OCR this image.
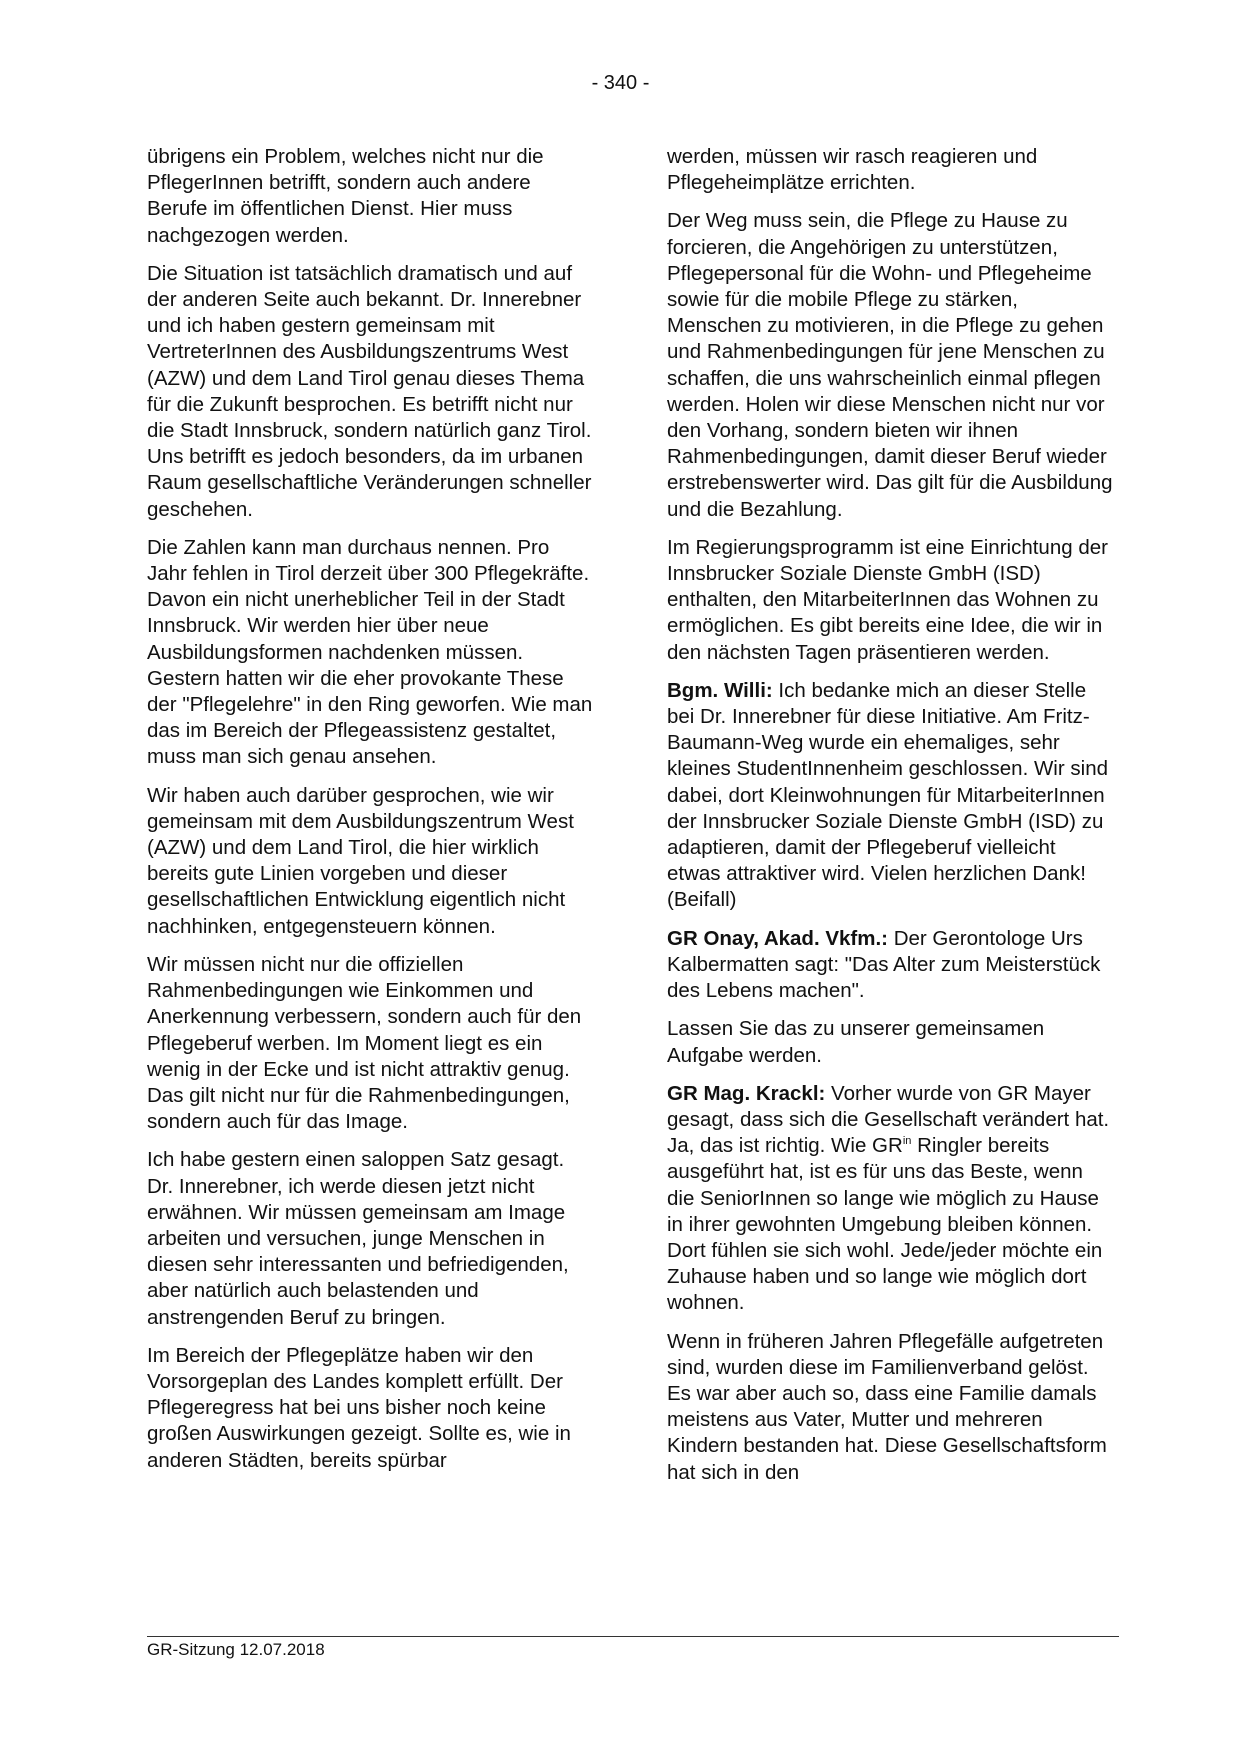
- 340 -

übrigens ein Problem, welches nicht nur die PflegerInnen betrifft, sondern auch andere Berufe im öffentlichen Dienst. Hier muss nachgezogen werden.

Die Situation ist tatsächlich dramatisch und auf der anderen Seite auch bekannt. Dr. Innerebner und ich haben gestern gemeinsam mit VertreterInnen des Ausbildungszentrums West (AZW) und dem Land Tirol genau dieses Thema für die Zukunft besprochen. Es betrifft nicht nur die Stadt Innsbruck, sondern natürlich ganz Tirol. Uns betrifft es jedoch besonders, da im urbanen Raum gesellschaftliche Veränderungen schneller geschehen.

Die Zahlen kann man durchaus nennen. Pro Jahr fehlen in Tirol derzeit über 300 Pflegekräfte. Davon ein nicht unerheblicher Teil in der Stadt Innsbruck. Wir werden hier über neue Ausbildungsformen nachdenken müssen. Gestern hatten wir die eher provokante These der "Pflegelehre" in den Ring geworfen. Wie man das im Bereich der Pflegeassistenz gestaltet, muss man sich genau ansehen.

Wir haben auch darüber gesprochen, wie wir gemeinsam mit dem Ausbildungszentrum West (AZW) und dem Land Tirol, die hier wirklich bereits gute Linien vorgeben und dieser gesellschaftlichen Entwicklung eigentlich nicht nachhinken, entgegensteuern können.

Wir müssen nicht nur die offiziellen Rahmenbedingungen wie Einkommen und Anerkennung verbessern, sondern auch für den Pflegeberuf werben. Im Moment liegt es ein wenig in der Ecke und ist nicht attraktiv genug. Das gilt nicht nur für die Rahmenbedingungen, sondern auch für das Image.

Ich habe gestern einen saloppen Satz gesagt. Dr. Innerebner, ich werde diesen jetzt nicht erwähnen. Wir müssen gemeinsam am Image arbeiten und versuchen, junge Menschen in diesen sehr interessanten und befriedigenden, aber natürlich auch belastenden und anstrengenden Beruf zu bringen.

Im Bereich der Pflegeplätze haben wir den Vorsorgeplan des Landes komplett erfüllt. Der Pflegeregress hat bei uns bisher noch keine großen Auswirkungen gezeigt. Sollte es, wie in anderen Städten, bereits spürbar

werden, müssen wir rasch reagieren und Pflegeheimplätze errichten.

Der Weg muss sein, die Pflege zu Hause zu forcieren, die Angehörigen zu unterstützen, Pflegepersonal für die Wohn- und Pflegeheime sowie für die mobile Pflege zu stärken, Menschen zu motivieren, in die Pflege zu gehen und Rahmenbedingungen für jene Menschen zu schaffen, die uns wahrscheinlich einmal pflegen werden. Holen wir diese Menschen nicht nur vor den Vorhang, sondern bieten wir ihnen Rahmenbedingungen, damit dieser Beruf wieder erstrebenswerter wird. Das gilt für die Ausbildung und die Bezahlung.

Im Regierungsprogramm ist eine Einrichtung der Innsbrucker Soziale Dienste GmbH (ISD) enthalten, den MitarbeiterInnen das Wohnen zu ermöglichen. Es gibt bereits eine Idee, die wir in den nächsten Tagen präsentieren werden.

Bgm. Willi: Ich bedanke mich an dieser Stelle bei Dr. Innerebner für diese Initiative. Am Fritz-Baumann-Weg wurde ein ehemaliges, sehr kleines StudentInnenheim geschlossen. Wir sind dabei, dort Kleinwohnungen für MitarbeiterInnen der Innsbrucker Soziale Dienste GmbH (ISD) zu adaptieren, damit der Pflegeberuf vielleicht etwas attraktiver wird. Vielen herzlichen Dank! (Beifall)

GR Onay, Akad. Vkfm.: Der Gerontologe Urs Kalbermatten sagt: "Das Alter zum Meisterstück des Lebens machen".

Lassen Sie das zu unserer gemeinsamen Aufgabe werden.

GR Mag. Krackl: Vorher wurde von GR Mayer gesagt, dass sich die Gesellschaft verändert hat. Ja, das ist richtig. Wie $GR^{in}$ Ringler bereits ausgeführt hat, ist es für uns das Beste, wenn die SeniorInnen so lange wie möglich zu Hause in ihrer gewohnten Umgebung bleiben können. Dort fühlen sie sich wohl. Jede/jeder möchte ein Zuhause haben und so lange wie möglich dort wohnen.

Wenn in früheren Jahren Pflegefälle aufgetreten sind, wurden diese im Familienverband gelöst. Es war aber auch so, dass eine Familie damals meistens aus Vater, Mutter und mehreren Kindern bestanden hat. Diese Gesellschaftsform hat sich in den

GR-Sitzung 12.07.2018
